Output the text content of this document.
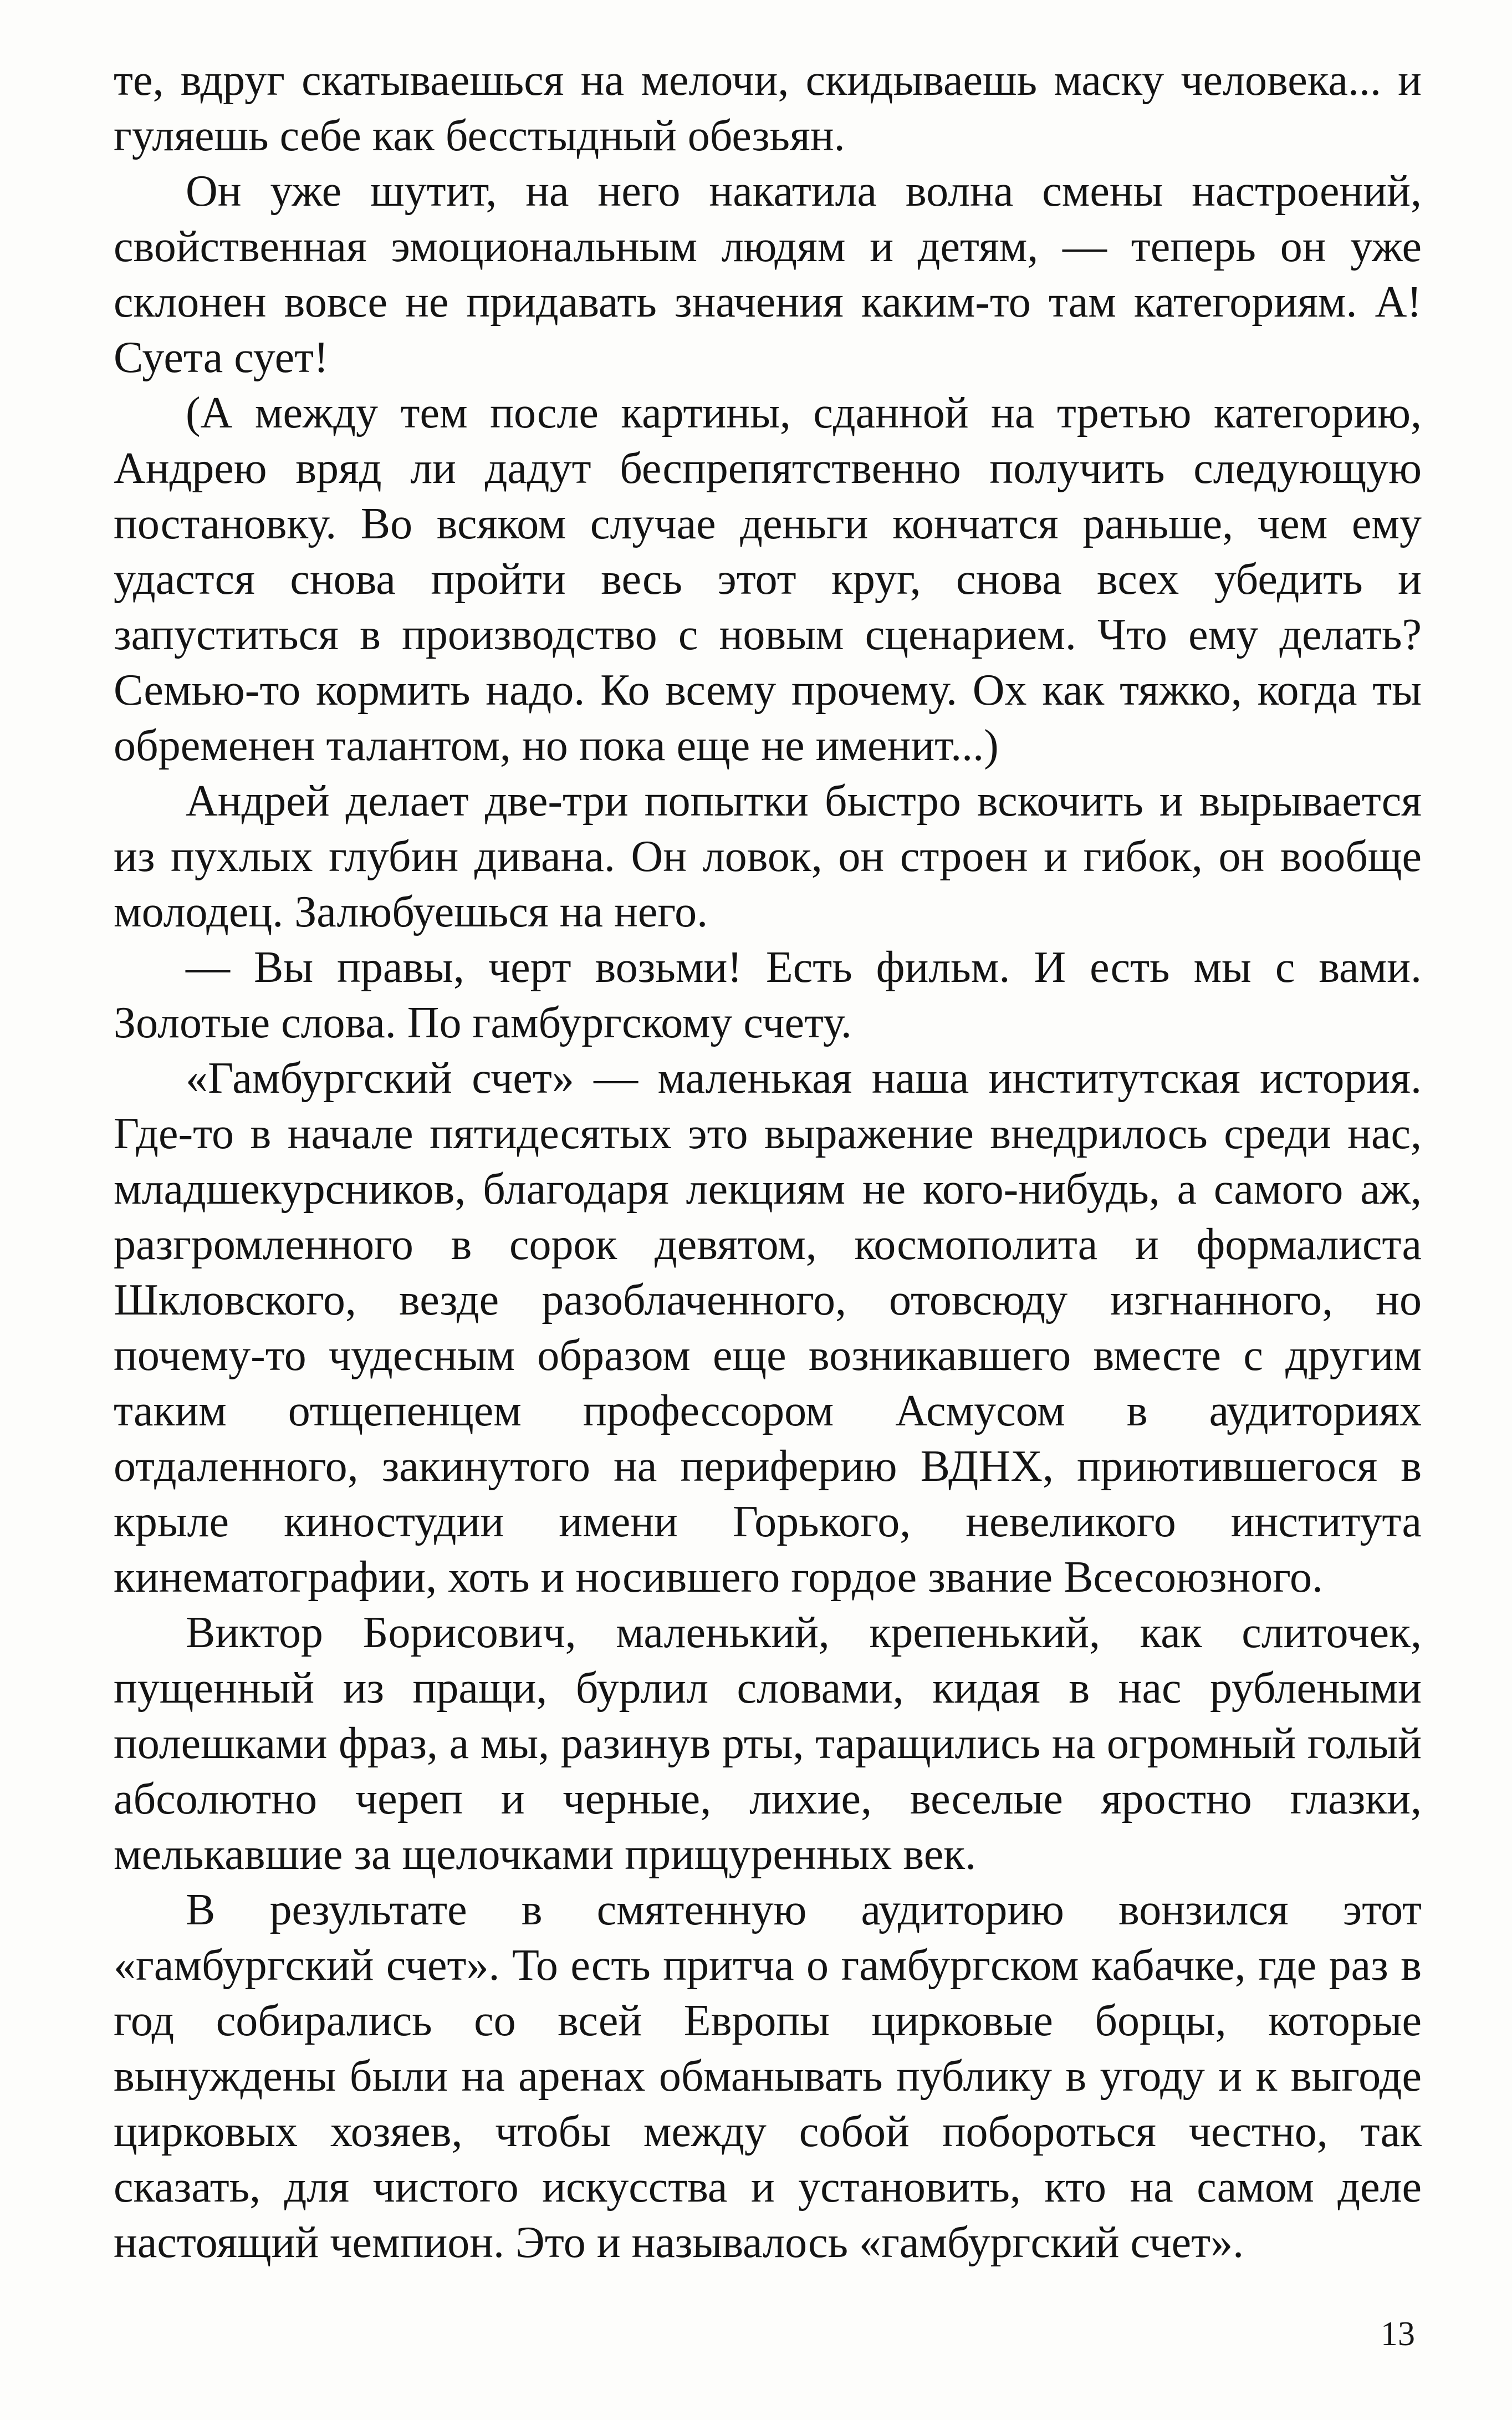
те, вдруг скатываешься на мелочи, скидываешь маску человека... и гуляешь себе как бесстыдный обезьян.

Он уже шутит, на него накатила волна смены настроений, свойственная эмоциональным людям и детям, — теперь он уже склонен вовсе не придавать значения каким-то там категориям. А! Суета сует!

(А между тем после картины, сданной на третью категорию, Андрею вряд ли дадут беспрепятственно получить следующую постановку. Во всяком случае деньги кончатся раньше, чем ему удастся снова пройти весь этот круг, снова всех убедить и запуститься в производство с новым сценарием. Что ему делать? Семью-то кормить надо. Ко всему прочему. Ох как тяжко, когда ты обременен талантом, но пока еще не именит...)

Андрей делает две-три попытки быстро вскочить и вырывается из пухлых глубин дивана. Он ловок, он строен и гибок, он вообще молодец. Залюбуешься на него.

— Вы правы, черт возьми! Есть фильм. И есть мы с вами. Золотые слова. По гамбургскому счету.

«Гамбургский счет» — маленькая наша институтская история. Где-то в начале пятидесятых это выражение внедрилось среди нас, младшекурсников, благодаря лекциям не кого-нибудь, а самого аж, разгромленного в сорок девятом, космополита и формалиста Шкловского, везде разоблаченного, отовсюду изгнанного, но почему-то чудесным образом еще возникавшего вместе с другим таким отщепенцем профессором Асмусом в аудиториях отдаленного, закинутого на периферию ВДНХ, приютившегося в крыле киностудии имени Горького, невеликого института кинематографии, хоть и носившего гордое звание Всесоюзного.

Виктор Борисович, маленький, крепенький, как слиточек, пущенный из пращи, бурлил словами, кидая в нас рублеными полешками фраз, а мы, разинув рты, таращились на огромный голый абсолютно череп и черные, лихие, веселые яростно глазки, мелькавшие за щелочками прищуренных век.

В результате в смятенную аудиторию вонзился этот «гамбургский счет». То есть притча о гамбургском кабачке, где раз в год собирались со всей Европы цирковые борцы, которые вынуждены были на аренах обманывать публику в угоду и к выгоде цирковых хозяев, чтобы между собой побороться честно, так сказать, для чистого искусства и установить, кто на самом деле настоящий чемпион. Это и называлось «гамбургский счет».

13
